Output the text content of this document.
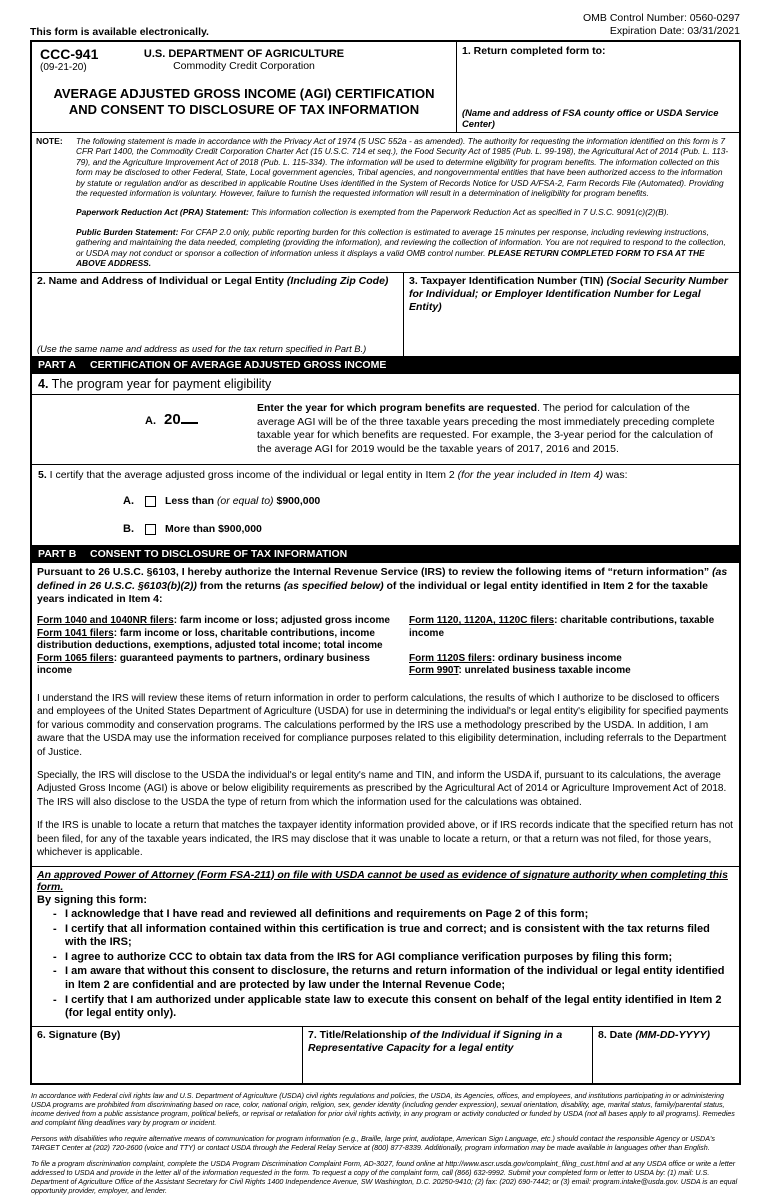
This form is available electronically.
OMB Control Number: 0560-0297
Expiration Date: 03/31/2021
CCC-941
(09-21-20)
U.S. DEPARTMENT OF AGRICULTURE
Commodity Credit Corporation
AVERAGE ADJUSTED GROSS INCOME (AGI) CERTIFICATION
AND CONSENT TO DISCLOSURE OF TAX INFORMATION
1. Return completed form to:
(Name and address of FSA county office or USDA Service Center)
NOTE:	The following statement is made in accordance with the Privacy Act of 1974 (5 USC 552a - as amended). The authority for requesting the information identified on this form is 7 CFR Part 1400, the Commodity Credit Corporation Charter Act (15 U.S.C. 714 et seq.), the Food Security Act of 1985 (Pub. L. 99-198), the Agricultural Act of 2014 (Pub. L. 113-79), and the Agriculture Improvement Act of 2018 (Pub. L. 115-334). The information will be used to determine eligibility for program benefits. The information collected on this form may be disclosed to other Federal, State, Local government agencies, Tribal agencies, and nongovernmental entities that have been authorized access to the information by statute or regulation and/or as described in applicable Routine Uses identified in the System of Records Notice for USD A/FSA-2, Farm Records File (Automated). Providing the requested information is voluntary. However, failure to furnish the requested information will result in a determination of ineligibility for program benefits.
Paperwork Reduction Act (PRA) Statement: This information collection is exempted from the Paperwork Reduction Act as specified in 7 U.S.C. 9091(c)(2)(B).
Public Burden Statement: For CFAP 2.0 only, public reporting burden for this collection is estimated to average 15 minutes per response, including reviewing instructions, gathering and maintaining the data needed, completing (providing the information), and reviewing the collection of information. You are not required to respond to the collection, or USDA may not conduct or sponsor a collection of information unless it displays a valid OMB control number. PLEASE RETURN COMPLETED FORM TO FSA AT THE ABOVE ADDRESS.
2. Name and Address of Individual or Legal Entity (Including Zip Code)
(Use the same name and address as used for the tax return specified in Part B.)
3. Taxpayer Identification Number (TIN) (Social Security Number for Individual; or Employer Identification Number for Legal Entity)
PART A	CERTIFICATION OF AVERAGE ADJUSTED GROSS INCOME
4. The program year for payment eligibility
A. 20
Enter the year for which program benefits are requested. The period for calculation of the average AGI will be of the three taxable years preceding the most immediately preceding complete taxable year for which benefits are requested. For example, the 3-year period for the calculation of the average AGI for 2019 would be the taxable years of 2017, 2016 and 2015.
5. I certify that the average adjusted gross income of the individual or legal entity in Item 2 (for the year included in Item 4) was:
A.	Less than (or equal to) $900,000
B.	More than $900,000
PART B	CONSENT TO DISCLOSURE OF TAX INFORMATION
Pursuant to 26 U.S.C. §6103, I hereby authorize the Internal Revenue Service (IRS) to review the following items of “return information” (as defined in 26 U.S.C. §6103(b)(2)) from the returns (as specified below) of the individual or legal entity identified in Item 2 for the taxable years indicated in Item 4:
Form 1040 and 1040NR filers: farm income or loss; adjusted gross income
Form 1041 filers: farm income or loss, charitable contributions, income distribution deductions, exemptions, adjusted total income; total income
Form 1065 filers: guaranteed payments to partners, ordinary business income
Form 1120, 1120A, 1120C filers: charitable contributions, taxable income
Form 1120S filers: ordinary business income
Form 990T: unrelated business taxable income
I understand the IRS will review these items of return information in order to perform calculations, the results of which I authorize to be disclosed to officers and employees of the United States Department of Agriculture (USDA) for use in determining the individual's or legal entity's eligibility for specified payments for various commodity and conservation programs. The calculations performed by the IRS use a methodology prescribed by the USDA. In addition, I am aware that the USDA may use the information received for compliance purposes related to this eligibility determination, including referrals to the Department of Justice.
Specially, the IRS will disclose to the USDA the individual's or legal entity's name and TIN, and inform the USDA if, pursuant to its calculations, the average Adjusted Gross Income (AGI) is above or below eligibility requirements as prescribed by the Agricultural Act of 2014 or Agriculture Improvement Act of 2018. The IRS will also disclose to the USDA the type of return from which the information used for the calculations was obtained.
If the IRS is unable to locate a return that matches the taxpayer identity information provided above, or if IRS records indicate that the specified return has not been filed, for any of the taxable years indicated, the IRS may disclose that it was unable to locate a return, or that a return was not filed, for those years, whichever is applicable.
An approved Power of Attorney (Form FSA-211) on file with USDA cannot be used as evidence of signature authority when completing this form.
By signing this form:
- I acknowledge that I have read and reviewed all definitions and requirements on Page 2 of this form;
- I certify that all information contained within this certification is true and correct; and is consistent with the tax returns filed with the IRS;
- I agree to authorize CCC to obtain tax data from the IRS for AGI compliance verification purposes by filing this form;
- I am aware that without this consent to disclosure, the returns and return information of the individual or legal entity identified in Item 2 are confidential and are protected by law under the Internal Revenue Code;
- I certify that I am authorized under applicable state law to execute this consent on behalf of the legal entity identified in Item 2 (for legal entity only).
6. Signature (By)	7. Title/Relationship of the Individual if Signing in a Representative Capacity for a legal entity
8. Date (MM-DD-YYYY)

In accordance with Federal civil rights law and U.S. Department of Agriculture (USDA) civil rights regulations and policies, the USDA, its Agencies, offices, and employees, and institutions participating in or administering USDA programs are prohibited from discriminating based on race, color, national origin, religion, sex, gender identity (including gender expression), sexual orientation, disability, age, marital status, family/parental status, income derived from a public assistance program, political beliefs, or reprisal or retaliation for prior civil rights activity, in any program or activity conducted or funded by USDA (not all bases apply to all programs). Remedies and complaint filing deadlines vary by program or incident.

Persons with disabilities who require alternative means of communication for program information (e.g., Braille, large print, audiotape, American Sign Language, etc.) should contact the responsible Agency or USDA's TARGET Center at (202) 720-2600 (voice and TTY) or contact USDA through the Federal Relay Service at (800) 877-8339. Additionally, program information may be made available in languages other than English.

To file a program discrimination complaint, complete the USDA Program Discrimination Complaint Form, AD-3027, found online at http://www.ascr.usda.gov/complaint_filing_cust.html and at any USDA office or write a letter addressed to USDA and provide in the letter all of the information requested in the form. To request a copy of the complaint form, call (866) 632-9992. Submit your completed form or letter to USDA by: (1) mail: U.S. Department of Agriculture Office of the Assistant Secretary for Civil Rights 1400 Independence Avenue, SW Washington, D.C. 20250-9410; (2) fax: (202) 690-7442; or (3) email: program.intake@usda.gov. USDA is an equal opportunity provider, employer, and lender.
